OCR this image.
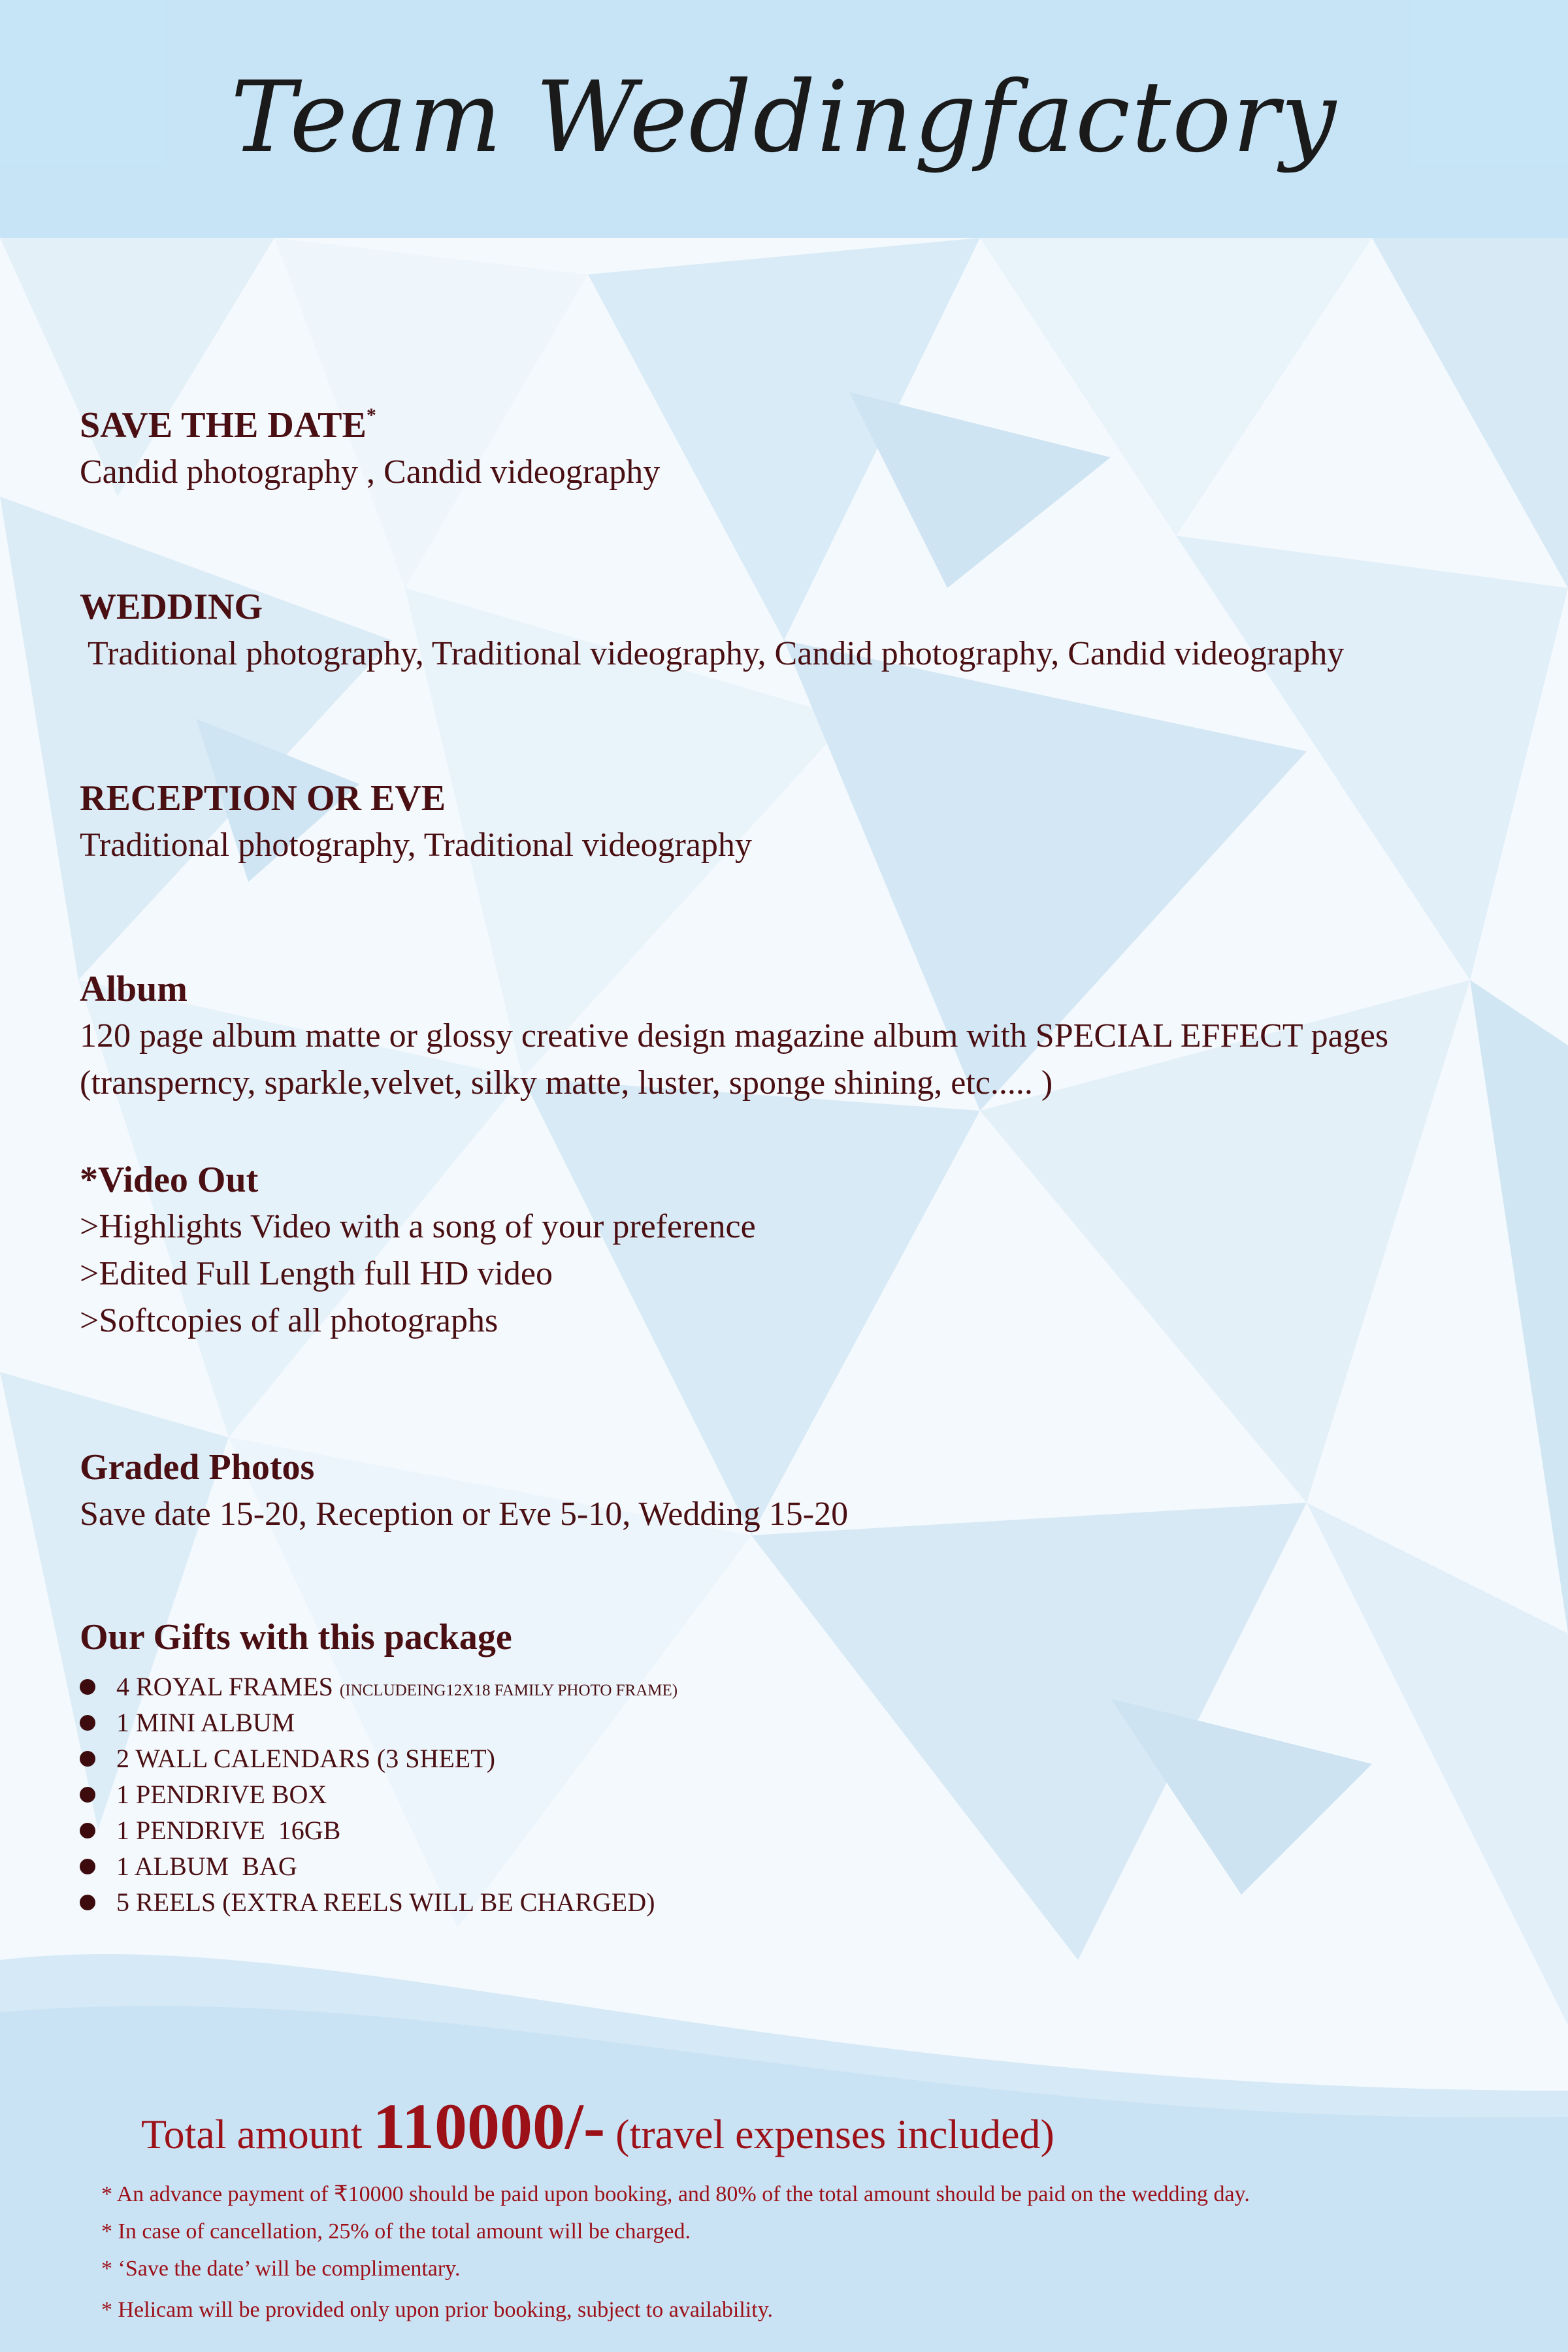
Team Weddingfactory
SAVE THE DATE*
Candid photography , Candid videography
WEDDING
Traditional photography, Traditional videography, Candid photography, Candid videography
RECEPTION OR EVE
Traditional photography, Traditional videography
Album
120 page album matte or glossy creative design magazine album with SPECIAL EFFECT pages
(transperncy, sparkle,velvet, silky matte, luster, sponge shining, etc..... )
*Video Out
>Highlights Video with a song of your preference
>Edited Full Length full HD video
>Softcopies of all photographs
Graded Photos
Save date 15-20, Reception or Eve 5-10, Wedding 15-20
Our Gifts with this package
4 ROYAL FRAMES (INCLUDEING12X18 FAMILY PHOTO FRAME)
1 MINI ALBUM
2 WALL CALENDARS (3 SHEET)
1 PENDRIVE BOX
1 PENDRIVE  16GB
1 ALBUM  BAG
5 REELS (EXTRA REELS WILL BE CHARGED)
Total amount 110000/- (travel expenses included)
* An advance payment of ₹10000 should be paid upon booking, and 80% of the total amount should be paid on the wedding day.
* In case of cancellation, 25% of the total amount will be charged.
* ‘Save the date’ will be complimentary.
* Helicam will be provided only upon prior booking, subject to availability.
